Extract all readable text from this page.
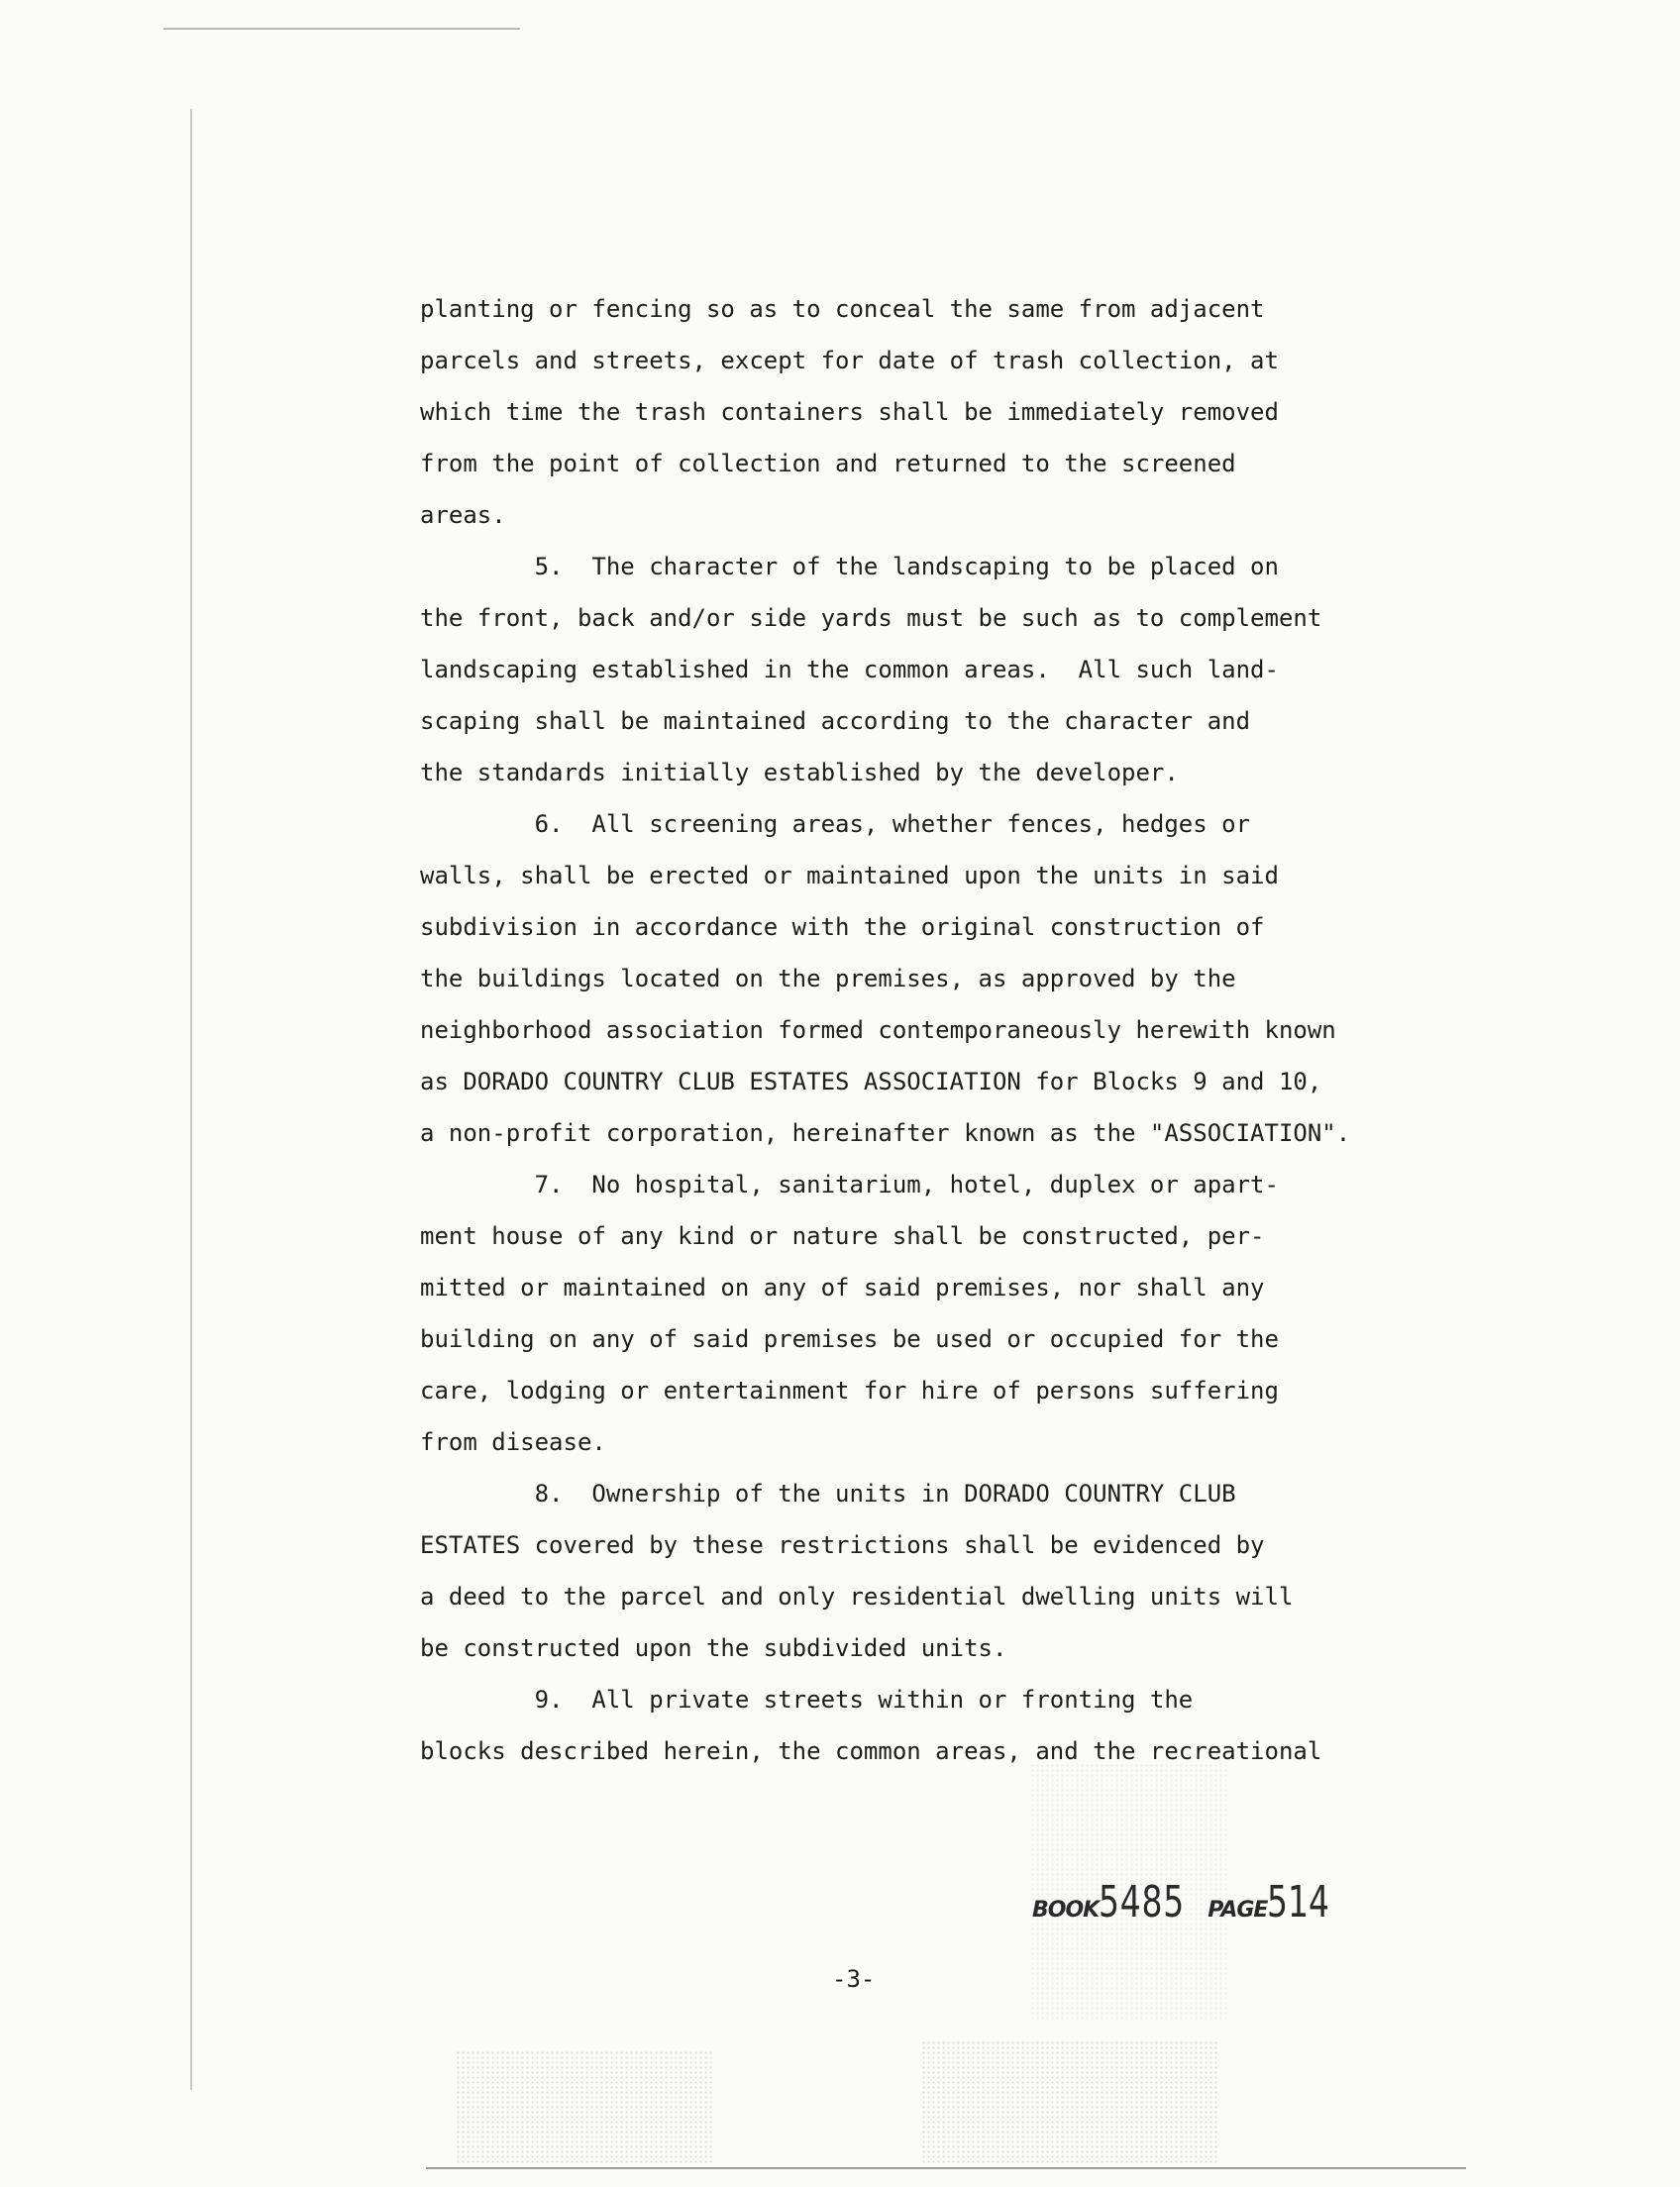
planting or fencing so as to conceal the same from adjacent
parcels and streets, except for date of trash collection, at
which time the trash containers shall be immediately removed
from the point of collection and returned to the screened
areas.
5.  The character of the landscaping to be placed on
the front, back and/or side yards must be such as to complement
landscaping established in the common areas.  All such land-
scaping shall be maintained according to the character and
the standards initially established by the developer.
6.  All screening areas, whether fences, hedges or
walls, shall be erected or maintained upon the units in said
subdivision in accordance with the original construction of
the buildings located on the premises, as approved by the
neighborhood association formed contemporaneously herewith known
as DORADO COUNTRY CLUB ESTATES ASSOCIATION for Blocks 9 and 10,
a non-profit corporation, hereinafter known as the "ASSOCIATION".
7.  No hospital, sanitarium, hotel, duplex or apart-
ment house of any kind or nature shall be constructed, per-
mitted or maintained on any of said premises, nor shall any
building on any of said premises be used or occupied for the
care, lodging or entertainment for hire of persons suffering
from disease.
8.  Ownership of the units in DORADO COUNTRY CLUB
ESTATES covered by these restrictions shall be evidenced by
a deed to the parcel and only residential dwelling units will
be constructed upon the subdivided units.
9.  All private streets within or fronting the
blocks described herein, the common areas, and the recreational
BOOK5485 PAGE514
-3-
